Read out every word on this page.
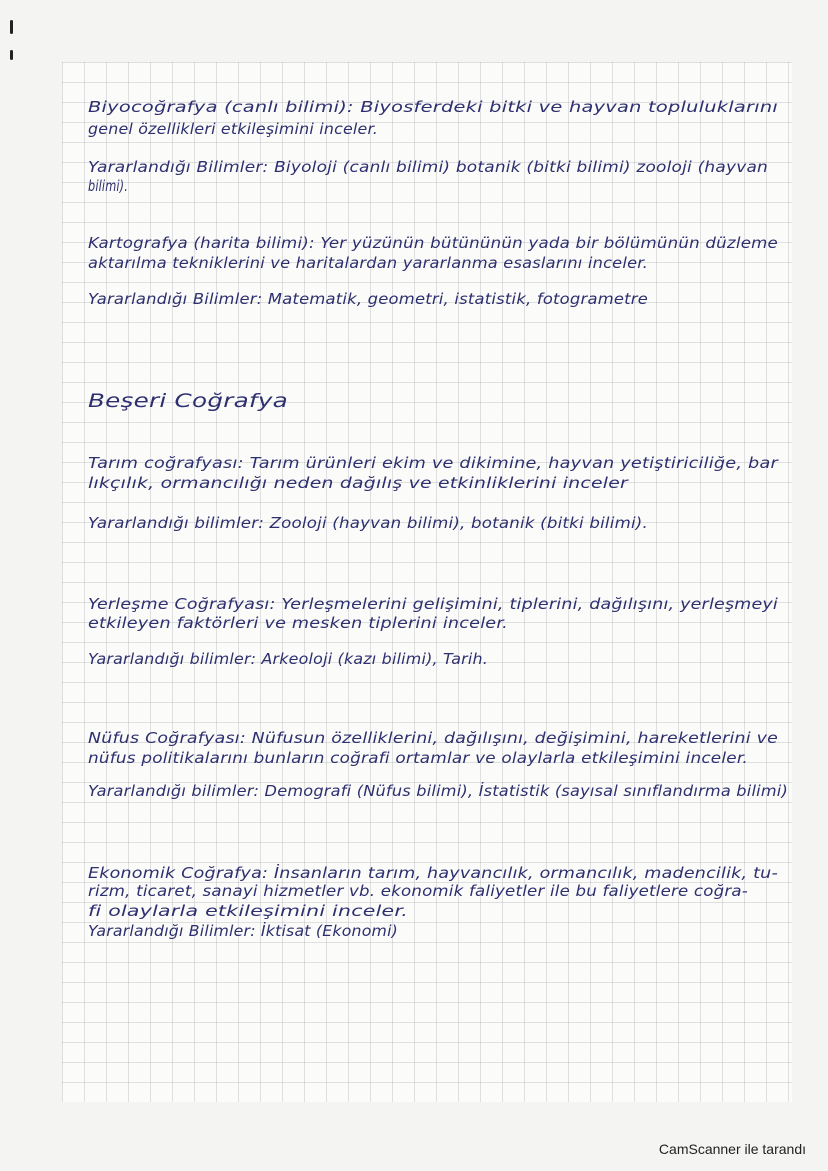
Biyocoğrafya (canlı bilimi): Biyosferdeki bitki ve hayvan topluluklarını
genel özellikleri etkileşimini inceler.
Yararlandığı Bilimler: Biyoloji (canlı bilimi) botanik (bitki bilimi) zooloji (hayvan
bilimi).
Kartografya (harita bilimi): Yer yüzünün bütününün yada bir bölümünün düzleme
aktarılma tekniklerini ve haritalardan yararlanma esaslarını inceler.
Yararlandığı Bilimler: Matematik, geometri, istatistik, fotogrametre
Beşeri Coğrafya
Tarım coğrafyası: Tarım ürünleri ekim ve dikimine, hayvan yetiştiriciliğe, bar
lıkçılık, ormancılığı neden dağılış ve etkinliklerini inceler
Yararlandığı bilimler: Zooloji (hayvan bilimi), botanik (bitki bilimi).
Yerleşme Coğrafyası: Yerleşmelerini gelişimini, tiplerini, dağılışını, yerleşmeyi
etkileyen faktörleri ve mesken tiplerini inceler.
Yararlandığı bilimler: Arkeoloji (kazı bilimi), Tarih.
Nüfus Coğrafyası: Nüfusun özelliklerini, dağılışını, değişimini, hareketlerini ve
nüfus politikalarını bunların coğrafi ortamlar ve olaylarla etkileşimini inceler.
Yararlandığı bilimler: Demografi (Nüfus bilimi), İstatistik (sayısal sınıflandırma bilimi)
Ekonomik Coğrafya: İnsanların tarım, hayvancılık, ormancılık, madencilik, tu-
rizm, ticaret, sanayi hizmetler vb. ekonomik faliyetler ile bu faliyetlere coğra-
fi olaylarla etkileşimini inceler.
Yararlandığı Bilimler: İktisat (Ekonomi)
CamScanner ile tarandı
